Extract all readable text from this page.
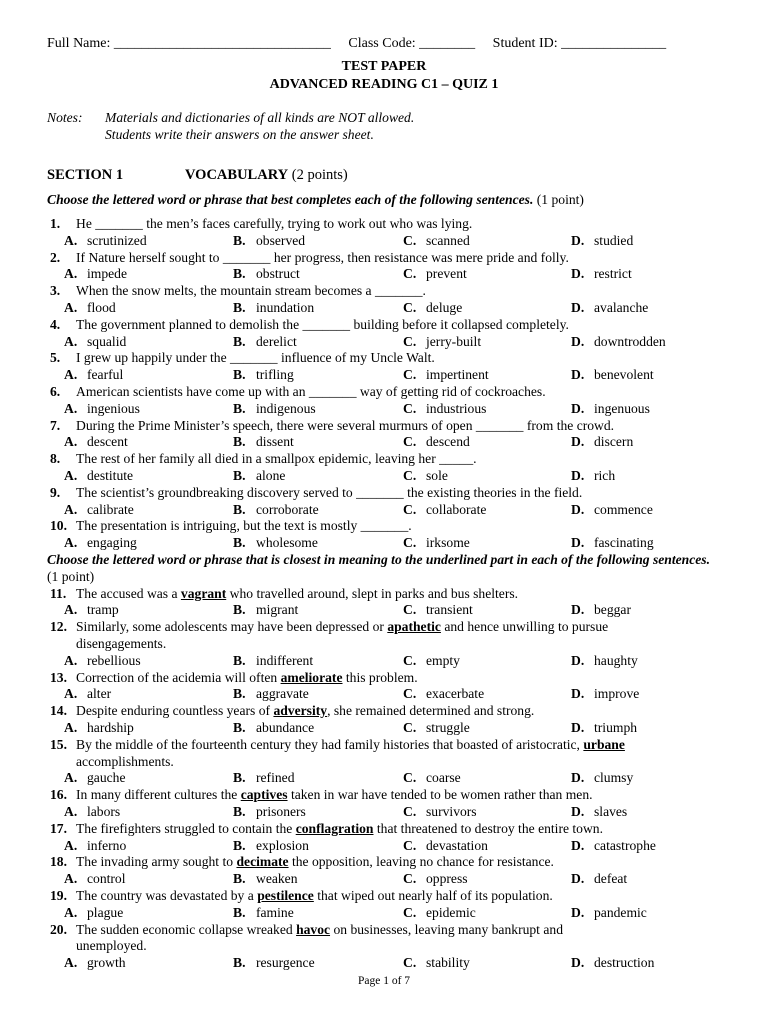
Full Name: _______________________________ Class Code: ________ Student ID: _______________
TEST PAPER
ADVANCED READING C1 – QUIZ 1
Notes: Materials and dictionaries of all kinds are NOT allowed.
Students write their answers on the answer sheet.
SECTION 1	VOCABULARY (2 points)
Choose the lettered word or phrase that best completes each of the following sentences. (1 point)
1. He _______ the men’s faces carefully, trying to work out who was lying.
A. scrutinized	B. observed	C. scanned	D. studied
2. If Nature herself sought to _______ her progress, then resistance was mere pride and folly.
A. impede	B. obstruct	C. prevent	D. restrict
3. When the snow melts, the mountain stream becomes a _______.
A. flood	B. inundation	C. deluge	D. avalanche
4. The government planned to demolish the _______ building before it collapsed completely.
A. squalid	B. derelict	C. jerry-built	D. downtrodden
5. I grew up happily under the _______ influence of my Uncle Walt.
A. fearful	B. trifling	C. impertinent	D. benevolent
6. American scientists have come up with an _______ way of getting rid of cockroaches.
A. ingenious	B. indigenous	C. industrious	D. ingenuous
7. During the Prime Minister’s speech, there were several murmurs of open _______ from the crowd.
A. descent	B. dissent	C. descend	D. discern
8. The rest of her family all died in a smallpox epidemic, leaving her _____.
A. destitute	B. alone	C. sole	D. rich
9. The scientist’s groundbreaking discovery served to _______ the existing theories in the field.
A. calibrate	B. corroborate	C. collaborate	D. commence
10. The presentation is intriguing, but the text is mostly _______.
A. engaging	B. wholesome	C. irksome	D. fascinating
Choose the lettered word or phrase that is closest in meaning to the underlined part in each of the following sentences. (1 point)
11. The accused was a vagrant who travelled around, slept in parks and bus shelters.
A. tramp	B. migrant	C. transient	D. beggar
12. Similarly, some adolescents may have been depressed or apathetic and hence unwilling to pursue
disengagements.
A. rebellious	B. indifferent	C. empty	D. haughty
13. Correction of the acidemia will often ameliorate this problem.
A. alter	B. aggravate	C. exacerbate	D. improve
14. Despite enduring countless years of adversity, she remained determined and strong.
A. hardship	B. abundance	C. struggle	D. triumph
15. By the middle of the fourteenth century they had family histories that boasted of aristocratic, urbane
accomplishments.
A. gauche	B. refined	C. coarse	D. clumsy
16. In many different cultures the captives taken in war have tended to be women rather than men.
A. labors	B. prisoners	C. survivors	D. slaves
17. The firefighters struggled to contain the conflagration that threatened to destroy the entire town.
A. inferno	B. explosion	C. devastation	D. catastrophe
18. The invading army sought to decimate the opposition, leaving no chance for resistance.
A. control	B. weaken	C. oppress	D. defeat
19. The country was devastated by a pestilence that wiped out nearly half of its population.
A. plague	B. famine	C. epidemic	D. pandemic
20. The sudden economic collapse wreaked havoc on businesses, leaving many bankrupt and
unemployed.
A. growth	B. resurgence	C. stability	D. destruction
Page 1 of 7
